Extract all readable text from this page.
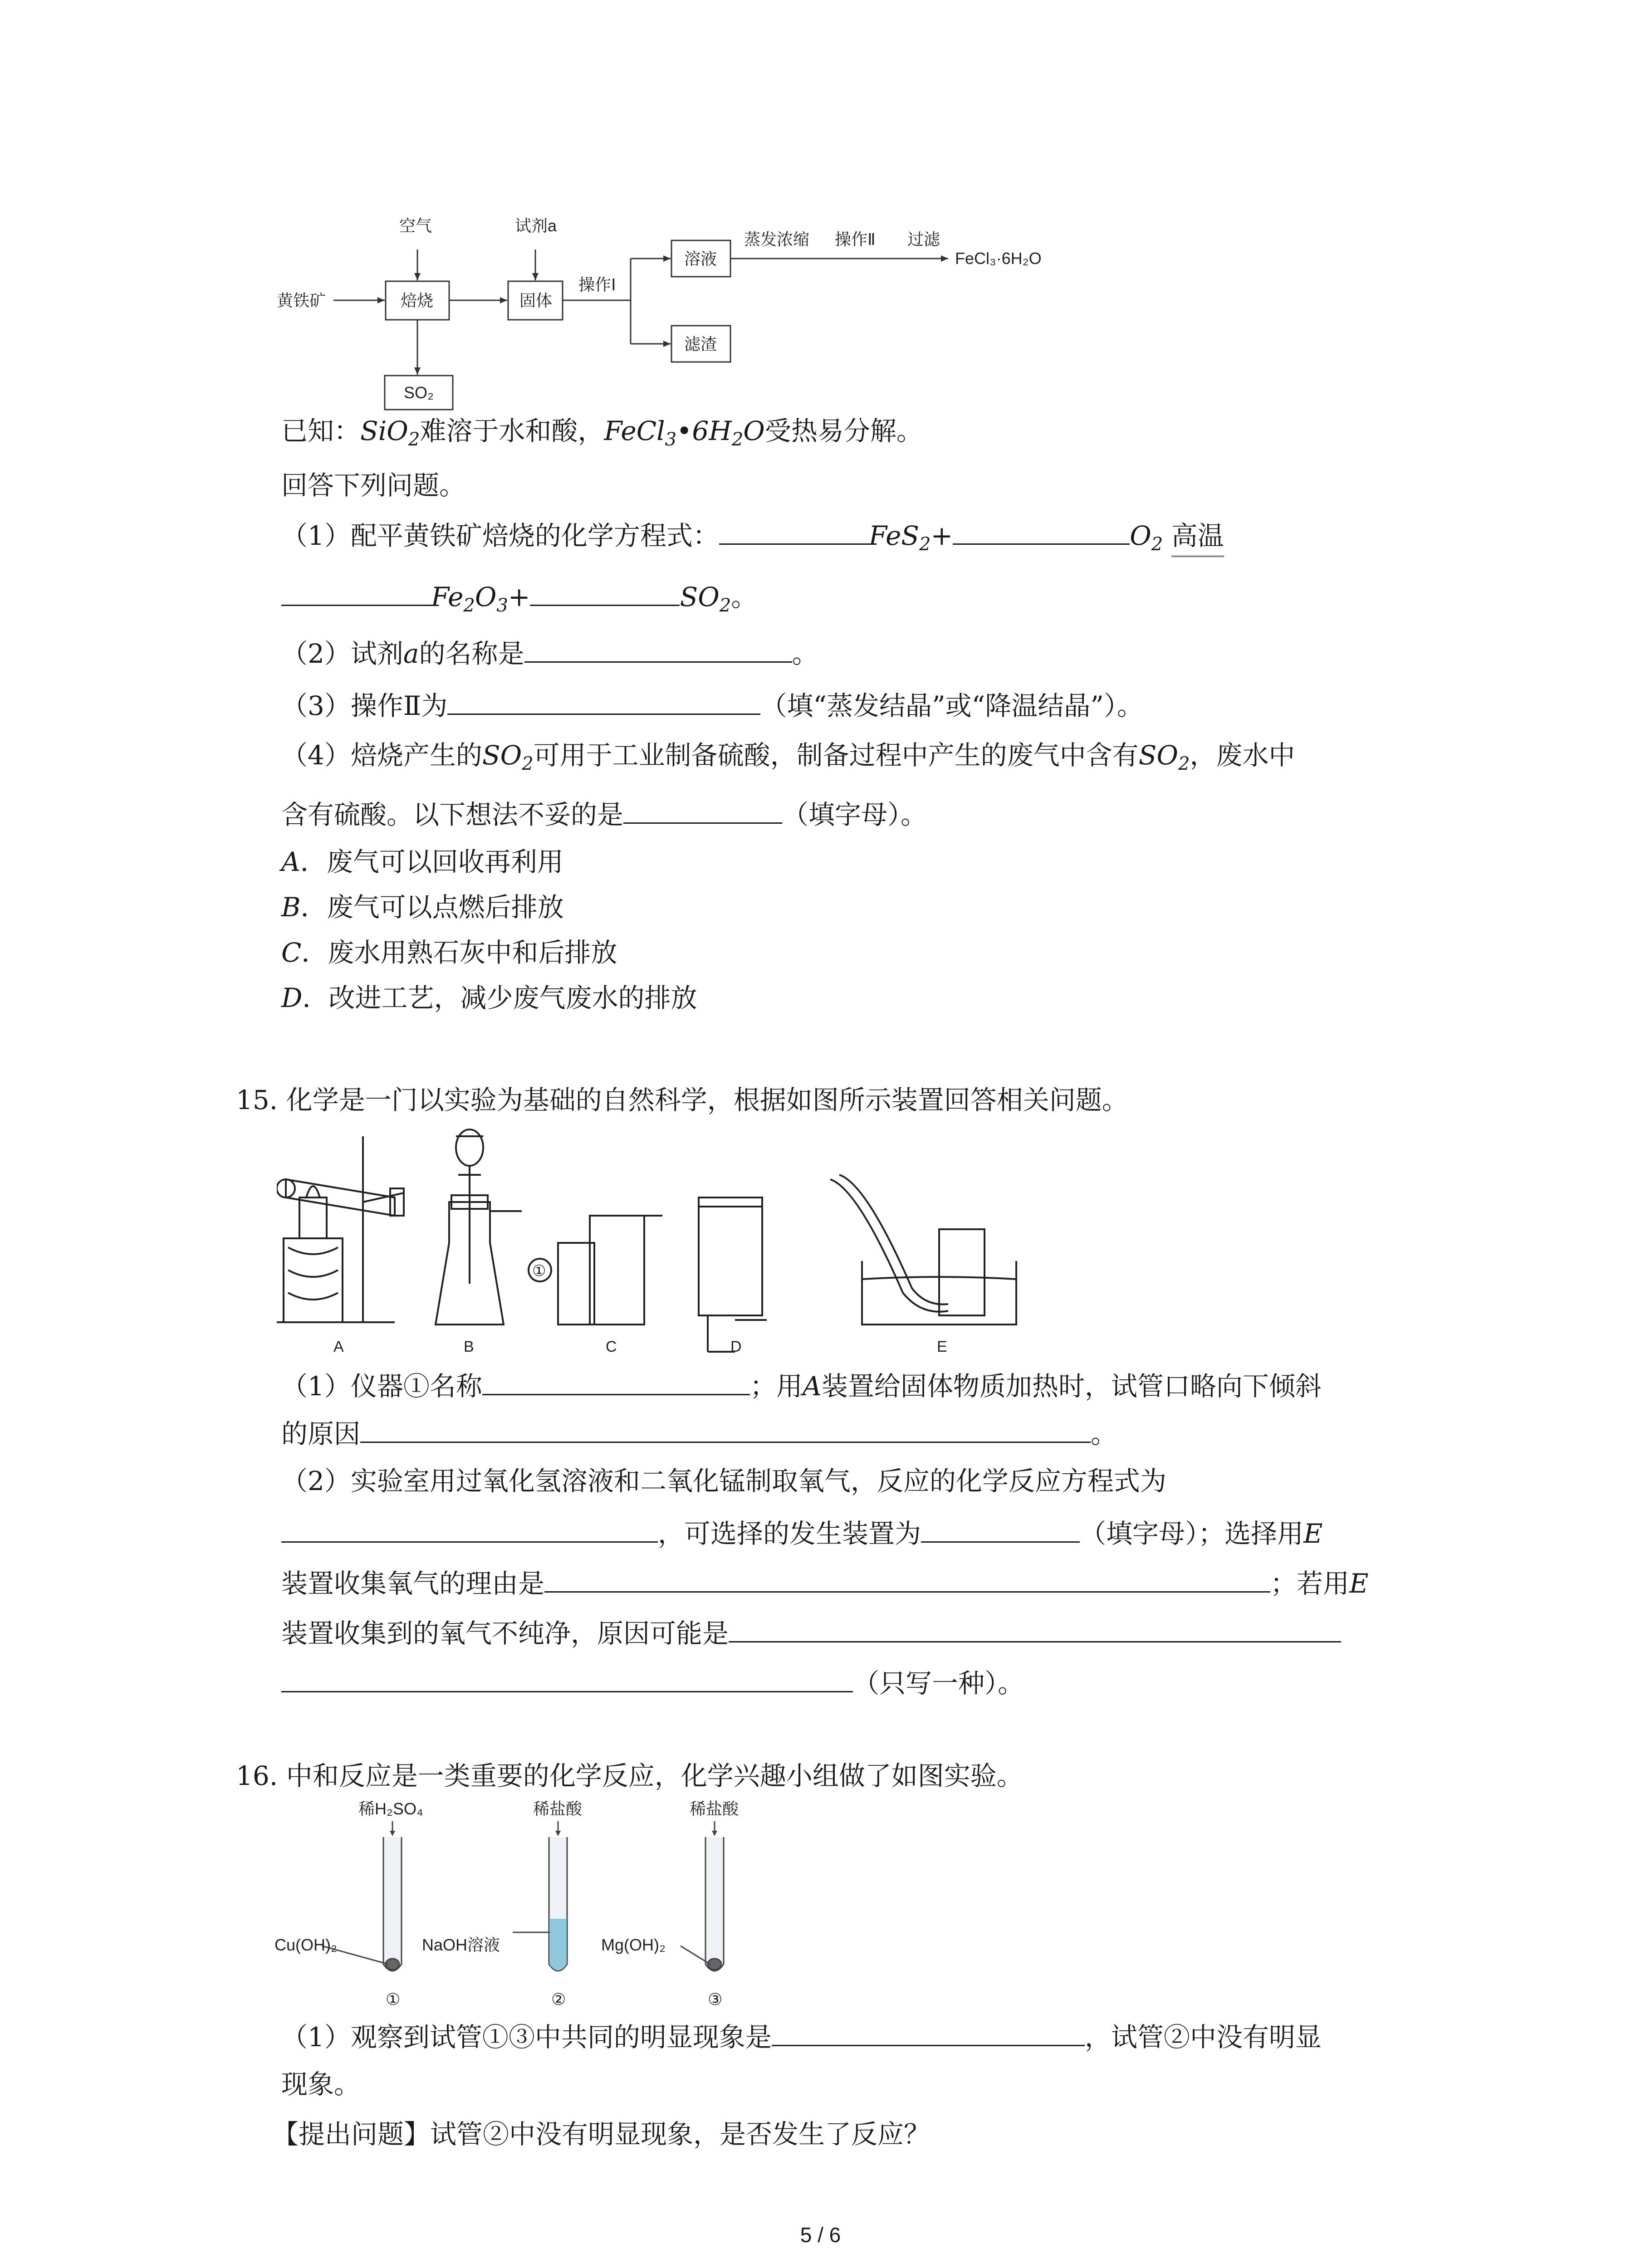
空气	试剂a
黄铁矿	焙烧	固体
操作Ⅰ
溶液
滤渣
SO₂
蒸发浓缩 操作Ⅱ 过滤
FeCl₃·6H₂O
已知：SiO$_2$难溶于水和酸，$FeCl_3•6H_2O$受热易分解。
回答下列问题。
（1）配平黄铁矿焙烧的化学方程式：	FeS$_2$+	$O_2$ 高温
$Fe_2O_3+$	$SO_2$。
（2）试剂a的名称是	。
（3）操作Ⅱ为	（填“蒸发结晶”或“降温结晶”）。
（4）焙烧产生的$SO_2$可用于工业制备硫酸，制备过程中产生的废气中含有$SO_2$，废水中
含有硫酸。以下想法不妥的是	（填字母）。
A．废气可以回收再利用
B．废气可以点燃后排放
C．废水用熟石灰中和后排放
D．改进工艺，减少废气废水的排放
15. 化学是一门以实验为基础的自然科学，根据如图所示装置回答相关问题。
①
A	B	C	D	E
（1）仪器①名称	；用A装置给固体物质加热时，试管口略向下倾斜
的原因	。
（2）实验室用过氧化氢溶液和二氧化锰制取氧气，反应的化学反应方程式为
，可选择的发生装置为	（填字母）；选择用E
装置收集氧气的理由是	；若用E
装置收集到的氧气不纯净，原因可能是
（只写一种）。
16. 中和反应是一类重要的化学反应，化学兴趣小组做了如图实验。
稀H₂SO₄	稀盐酸	稀盐酸
Cu(OH)₂	NaOH溶液	Mg(OH)₂
①	②	③
（1）观察到试管①③中共同的明显现象是	，试管②中没有明显
现象。
【提出问题】试管②中没有明显现象，是否发生了反应？
5 / 6
